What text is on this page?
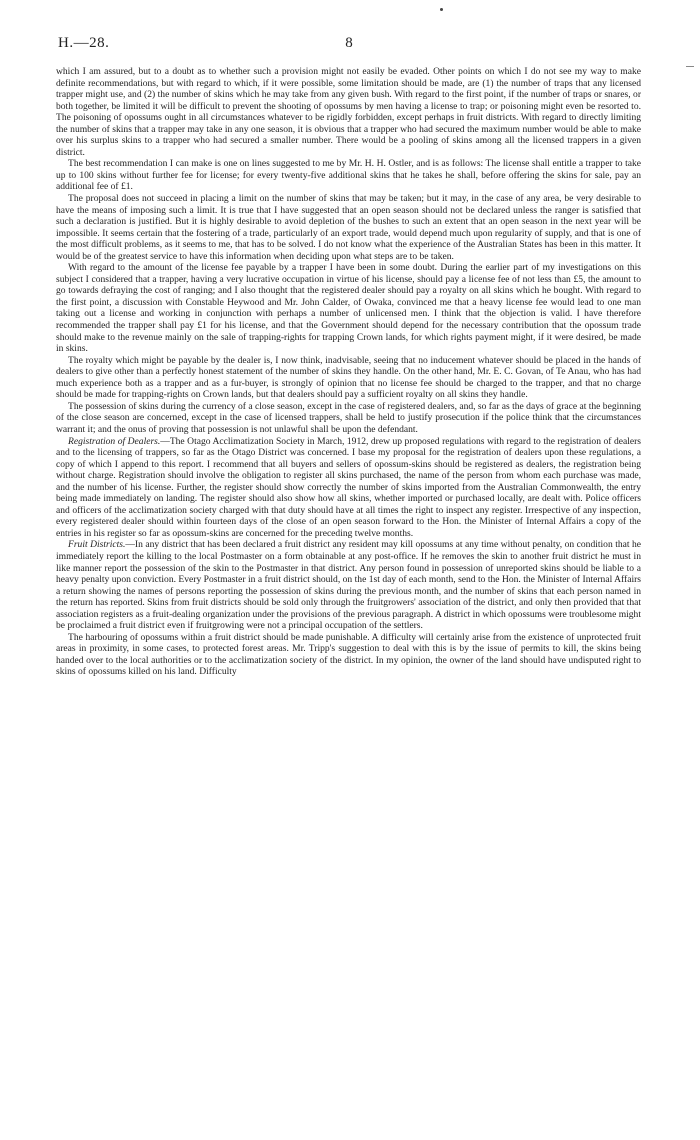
H.—28.	8

which I am assured, but to a doubt as to whether such a provision might not easily be evaded. Other points on which I do not see my way to make definite recommendations, but with regard to which, if it were possible, some limitation should be made, are (1) the number of traps that any licensed trapper might use, and (2) the number of skins which he may take from any given bush. With regard to the first point, if the number of traps or snares, or both together, be limited it will be difficult to prevent the shooting of opossums by men having a license to trap; or poisoning might even be resorted to. The poisoning of opossums ought in all circumstances whatever to be rigidly forbidden, except perhaps in fruit districts. With regard to directly limiting the number of skins that a trapper may take in any one season, it is obvious that a trapper who had secured the maximum number would be able to make over his surplus skins to a trapper who had secured a smaller number. There would be a pooling of skins among all the licensed trappers in a given district.

The best recommendation I can make is one on lines suggested to me by Mr. H. H. Ostler, and is as follows: The license shall entitle a trapper to take up to 100 skins without further fee for license; for every twenty-five additional skins that he takes he shall, before offering the skins for sale, pay an additional fee of £1.

The proposal does not succeed in placing a limit on the number of skins that may be taken; but it may, in the case of any area, be very desirable to have the means of imposing such a limit. It is true that I have suggested that an open season should not be declared unless the ranger is satisfied that such a declaration is justified. But it is highly desirable to avoid depletion of the bushes to such an extent that an open season in the next year will be impossible. It seems certain that the fostering of a trade, particularly of an export trade, would depend much upon regularity of supply, and that is one of the most difficult problems, as it seems to me, that has to be solved. I do not know what the experience of the Australian States has been in this matter. It would be of the greatest service to have this information when deciding upon what steps are to be taken.

With regard to the amount of the license fee payable by a trapper I have been in some doubt. During the earlier part of my investigations on this subject I considered that a trapper, having a very lucrative occupation in virtue of his license, should pay a license fee of not less than £5, the amount to go towards defraying the cost of ranging; and I also thought that the registered dealer should pay a royalty on all skins which he bought. With regard to the first point, a discussion with Constable Heywood and Mr. John Calder, of Owaka, convinced me that a heavy license fee would lead to one man taking out a license and working in conjunction with perhaps a number of unlicensed men. I think that the objection is valid. I have therefore recommended the trapper shall pay £1 for his license, and that the Government should depend for the necessary contribution that the opossum trade should make to the revenue mainly on the sale of trapping-rights for trapping Crown lands, for which rights payment might, if it were desired, be made in skins.

The royalty which might be payable by the dealer is, I now think, inadvisable, seeing that no inducement whatever should be placed in the hands of dealers to give other than a perfectly honest statement of the number of skins they handle. On the other hand, Mr. E. C. Govan, of Te Anau, who has had much experience both as a trapper and as a fur-buyer, is strongly of opinion that no license fee should be charged to the trapper, and that no charge should be made for trapping-rights on Crown lands, but that dealers should pay a sufficient royalty on all skins they handle.

The possession of skins during the currency of a close season, except in the case of registered dealers, and, so far as the days of grace at the beginning of the close season are concerned, except in the case of licensed trappers, shall be held to justify prosecution if the police think that the circumstances warrant it; and the onus of proving that possession is not unlawful shall be upon the defendant.

Registration of Dealers.—The Otago Acclimatization Society in March, 1912, drew up proposed regulations with regard to the registration of dealers and to the licensing of trappers, so far as the Otago District was concerned. I base my proposal for the registration of dealers upon these regulations, a copy of which I append to this report. I recommend that all buyers and sellers of opossum-skins should be registered as dealers, the registration being without charge. Registration should involve the obligation to register all skins purchased, the name of the person from whom each purchase was made, and the number of his license. Further, the register should show correctly the number of skins imported from the Australian Commonwealth, the entry being made immediately on landing. The register should also show how all skins, whether imported or purchased locally, are dealt with. Police officers and officers of the acclimatization society charged with that duty should have at all times the right to inspect any register. Irrespective of any inspection, every registered dealer should within fourteen days of the close of an open season forward to the Hon. the Minister of Internal Affairs a copy of the entries in his register so far as opossum-skins are concerned for the preceding twelve months.

Fruit Districts.—In any district that has been declared a fruit district any resident may kill opossums at any time without penalty, on condition that he immediately report the killing to the local Postmaster on a form obtainable at any post-office. If he removes the skin to another fruit district he must in like manner report the possession of the skin to the Postmaster in that district. Any person found in possession of unreported skins should be liable to a heavy penalty upon conviction. Every Postmaster in a fruit district should, on the 1st day of each month, send to the Hon. the Minister of Internal Affairs a return showing the names of persons reporting the possession of skins during the previous month, and the number of skins that each person named in the return has reported. Skins from fruit districts should be sold only through the fruitgrowers' association of the district, and only then provided that that association registers as a fruit-dealing organization under the provisions of the previous paragraph. A district in which opossums were troublesome might be proclaimed a fruit district even if fruitgrowing were not a principal occupation of the settlers.

The harbouring of opossums within a fruit district should be made punishable. A difficulty will certainly arise from the existence of unprotected fruit areas in proximity, in some cases, to protected forest areas. Mr. Tripp's suggestion to deal with this is by the issue of permits to kill, the skins being handed over to the local authorities or to the acclimatization society of the district. In my opinion, the owner of the land should have undisputed right to skins of opossums killed on his land. Difficulty
